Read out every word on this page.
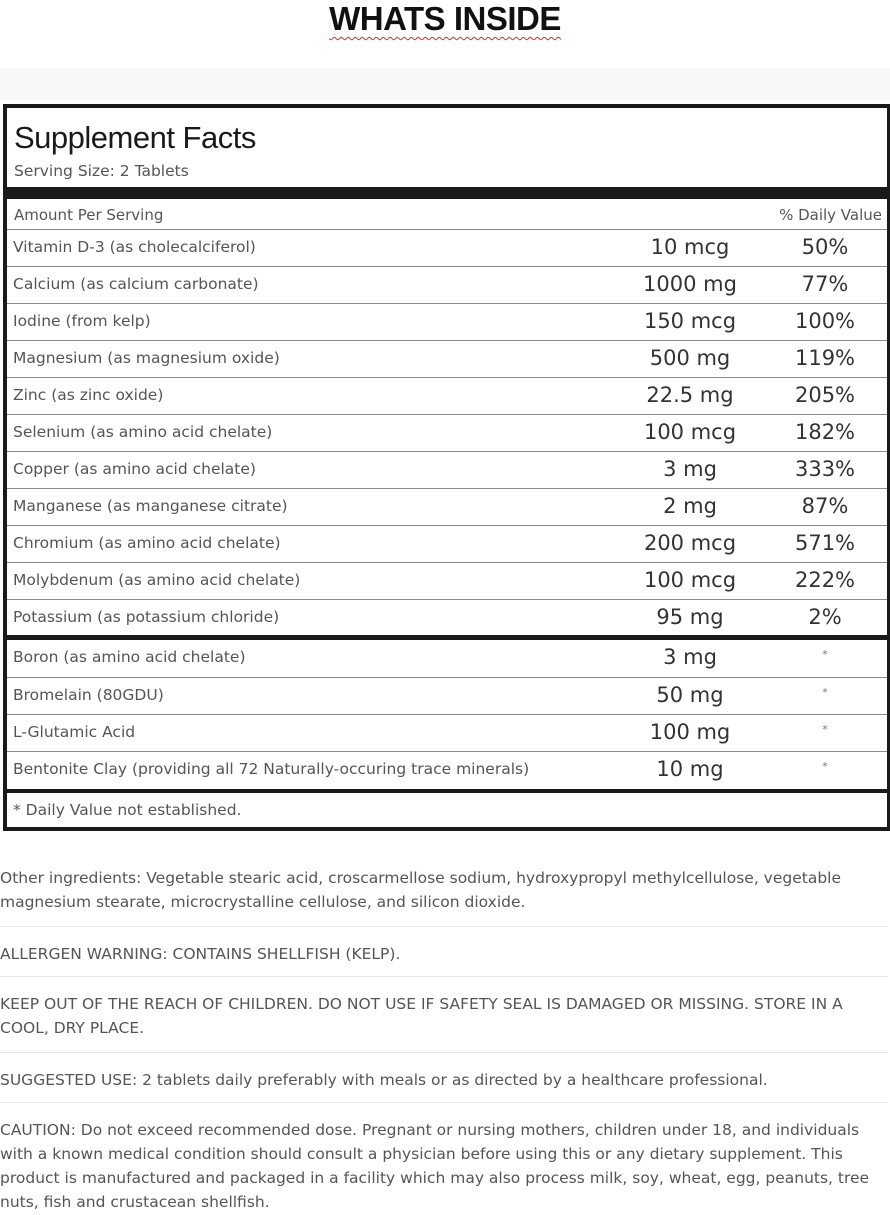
WHATS INSIDE
Supplement Facts
Serving Size: 2 Tablets
Amount Per Serving	% Daily Value
Vitamin D-3 (as cholecalciferol)	10 mcg	50%
Calcium (as calcium carbonate)	1000 mg	77%
Iodine (from kelp)	150 mcg	100%
Magnesium (as magnesium oxide)	500 mg	119%
Zinc (as zinc oxide)	22.5 mg	205%
Selenium (as amino acid chelate)	100 mcg	182%
Copper (as amino acid chelate)	3 mg	333%
Manganese (as manganese citrate)	2 mg	87%
Chromium (as amino acid chelate)	200 mcg	571%
Molybdenum (as amino acid chelate)	100 mcg	222%
Potassium (as potassium chloride)	95 mg	2%
Boron (as amino acid chelate)	3 mg	*
Bromelain (80GDU)	50 mg	*
L-Glutamic Acid	100 mg	*
Bentonite Clay (providing all 72 Naturally-occuring trace minerals)	10 mg	*
* Daily Value not established.
Other ingredients: Vegetable stearic acid, croscarmellose sodium, hydroxypropyl methylcellulose, vegetable magnesium stearate, microcrystalline cellulose, and silicon dioxide.
ALLERGEN WARNING: CONTAINS SHELLFISH (KELP).
KEEP OUT OF THE REACH OF CHILDREN. DO NOT USE IF SAFETY SEAL IS DAMAGED OR MISSING. STORE IN A COOL, DRY PLACE.
SUGGESTED USE: 2 tablets daily preferably with meals or as directed by a healthcare professional.
CAUTION: Do not exceed recommended dose. Pregnant or nursing mothers, children under 18, and individuals with a known medical condition should consult a physician before using this or any dietary supplement. This product is manufactured and packaged in a facility which may also process milk, soy, wheat, egg, peanuts, tree nuts, fish and crustacean shellfish.
